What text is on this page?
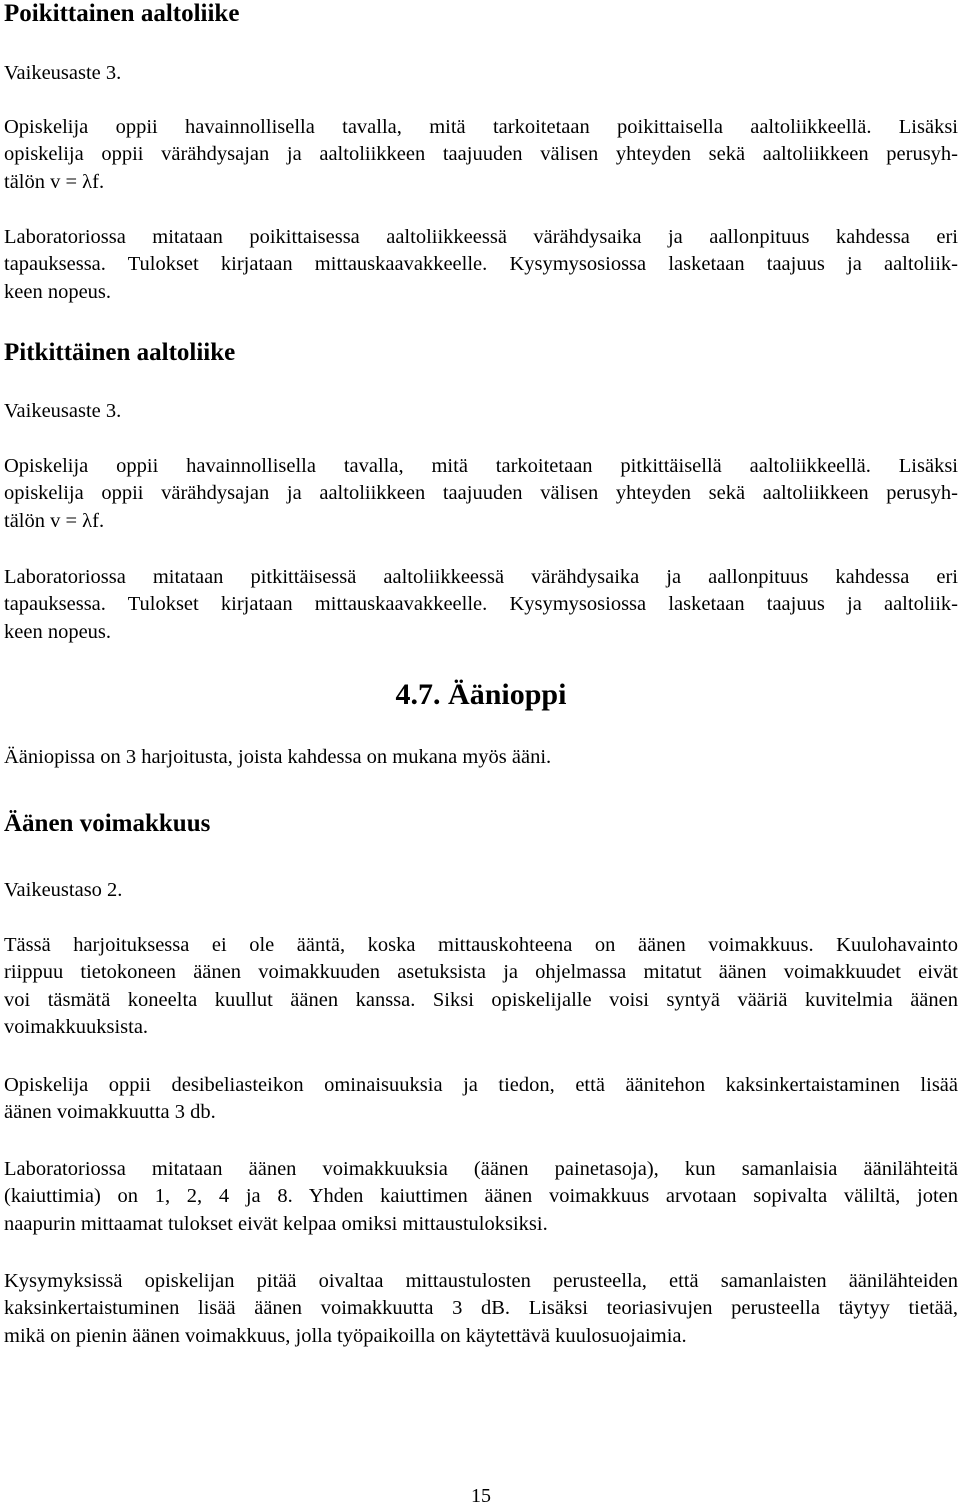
Poikittainen aaltoliike

Vaikeusaste 3.

Opiskelija oppii havainnollisella tavalla, mitä tarkoitetaan poikittaisella aaltoliikkeellä. Lisäksi
opiskelija oppii värähdysajan ja aaltoliikkeen taajuuden välisen yhteyden sekä aaltoliikkeen perusyh-
tälön v = λf.

Laboratoriossa mitataan poikittaisessa aaltoliikkeessä värähdysaika ja aallonpituus kahdessa eri
tapauksessa. Tulokset kirjataan mittauskaavakkeelle. Kysymysosiossa lasketaan taajuus ja aaltoliik-
keen nopeus.

Pitkittäinen aaltoliike

Vaikeusaste 3.

Opiskelija oppii havainnollisella tavalla, mitä tarkoitetaan pitkittäisellä aaltoliikkeellä. Lisäksi
opiskelija oppii värähdysajan ja aaltoliikkeen taajuuden välisen yhteyden sekä aaltoliikkeen perusyh-
tälön v = λf.

Laboratoriossa mitataan pitkittäisessä aaltoliikkeessä värähdysaika ja aallonpituus kahdessa eri
tapauksessa. Tulokset kirjataan mittauskaavakkeelle. Kysymysosiossa lasketaan taajuus ja aaltoliik-
keen nopeus.

4.7. Äänioppi

Ääniopissa on 3 harjoitusta, joista kahdessa on mukana myös ääni.

Äänen voimakkuus

Vaikeustaso 2.

Tässä harjoituksessa ei ole ääntä, koska mittauskohteena on äänen voimakkuus. Kuulohavainto
riippuu tietokoneen äänen voimakkuuden asetuksista ja ohjelmassa mitatut äänen voimakkuudet eivät
voi täsmätä koneelta kuullut äänen kanssa. Siksi opiskelijalle voisi syntyä vääriä kuvitelmia äänen
voimakkuuksista.

Opiskelija oppii desibeliasteikon ominaisuuksia ja tiedon, että äänitehon kaksinkertaistaminen lisää
äänen voimakkuutta 3 db.

Laboratoriossa mitataan äänen voimakkuuksia (äänen painetasoja), kun samanlaisia äänilähteitä
(kaiuttimia) on 1, 2, 4 ja 8. Yhden kaiuttimen äänen voimakkuus arvotaan sopivalta väliltä, joten
naapurin mittaamat tulokset eivät kelpaa omiksi mittaustuloksiksi.

Kysymyksissä opiskelijan pitää oivaltaa mittaustulosten perusteella, että samanlaisten äänilähteiden
kaksinkertaistuminen lisää äänen voimakkuutta 3 dB. Lisäksi teoriasivujen perusteella täytyy tietää,
mikä on pienin äänen voimakkuus, jolla työpaikoilla on käytettävä kuulosuojaimia.

15
